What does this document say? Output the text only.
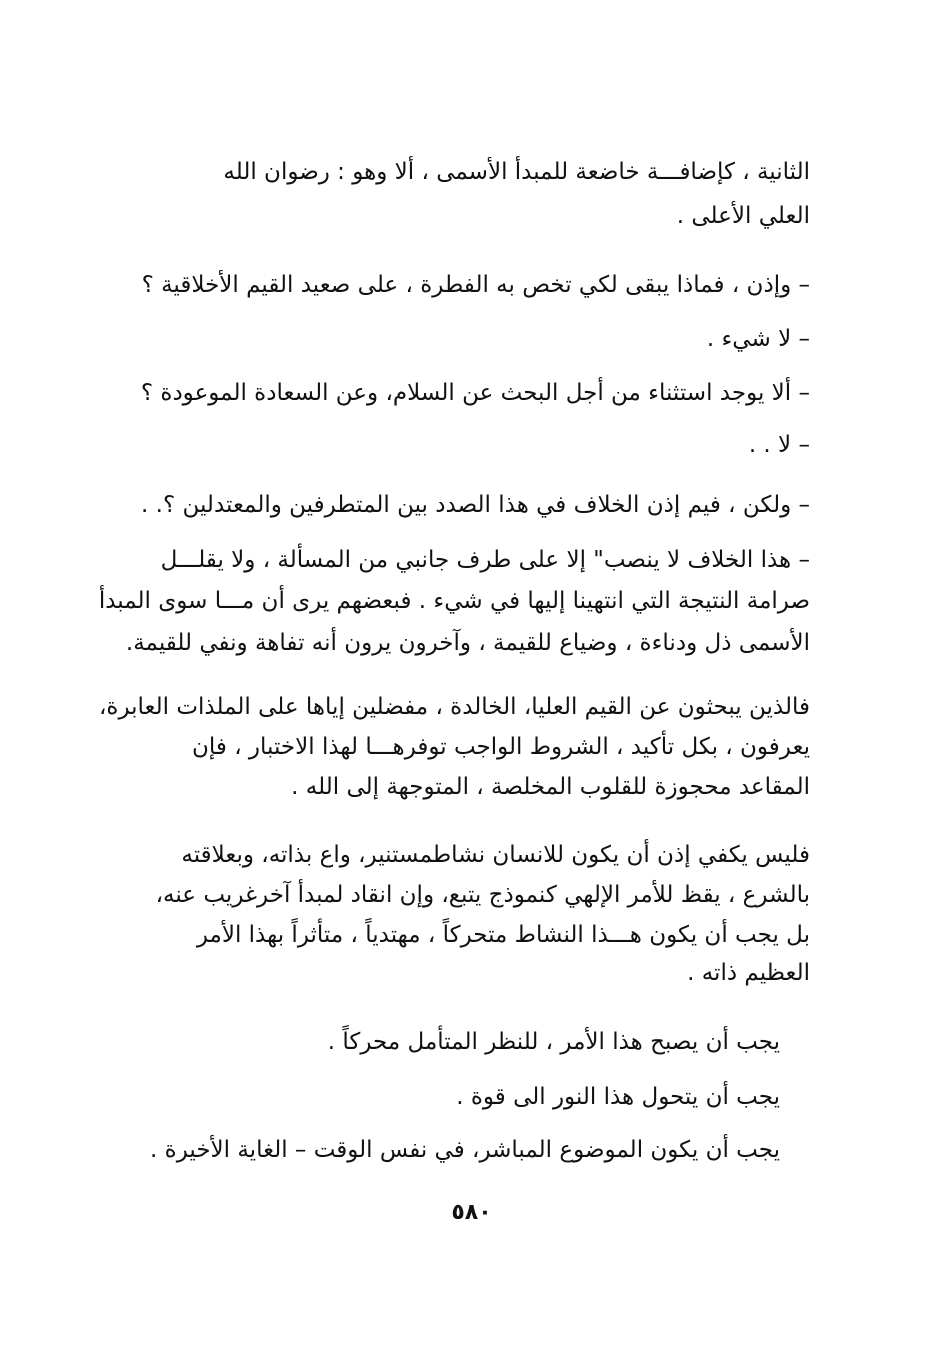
الثانية ، كإضافـــة خاضعة للمبدأ الأسمى ، ألا وهو : رضوان الله
العلي الأعلى .
– وإذن ، فماذا يبقى لكي تخص به الفطرة ، على صعيد القيم الأخلاقية ؟
– لا شيء .
– ألا يوجد استثناء من أجل البحث عن السلام، وعن السعادة الموعودة ؟
– لا . .
– ولكن ، فيم إذن الخلاف في هذا الصدد بين المتطرفين والمعتدلين ؟. .
– هذا الخلاف لا ينصب" إلا على طرف جانبي من المسألة ، ولا يقلـــل
صرامة النتيجة التي انتهينا إليها في شيء . فبعضهم يرى أن مـــا سوى المبدأ
الأسمى ذل ودناءة ، وضياع للقيمة ، وآخرون يرون أنه تفاهة ونفي للقيمة.
فالذين يبحثون عن القيم العليا، الخالدة ، مفضلين إياها على الملذات العابرة،
يعرفون ، بكل تأكيد ، الشروط الواجب توفرهـــا لهذا الاختبار ، فإن
المقاعد محجوزة للقلوب المخلصة ، المتوجهة إلى الله .
فليس يكفي إذن أن يكون للانسان نشاطمستنير، واع بذاته، وبعلاقته
بالشرع ، يقظ للأمر الإلهي كنموذج يتبع، وإن انقاد لمبدأ آخرغريب عنه،
بل يجب أن يكون هـــذا النشاط متحركاً ، مهتدياً ، متأثراً بهذا الأمر
العظيم ذاته .
يجب أن يصبح هذا الأمر ، للنظر المتأمل محركاً .
يجب أن يتحول هذا النور الى قوة .
يجب أن يكون الموضوع المباشر، في نفس الوقت – الغاية الأخيرة .
٥٨٠
